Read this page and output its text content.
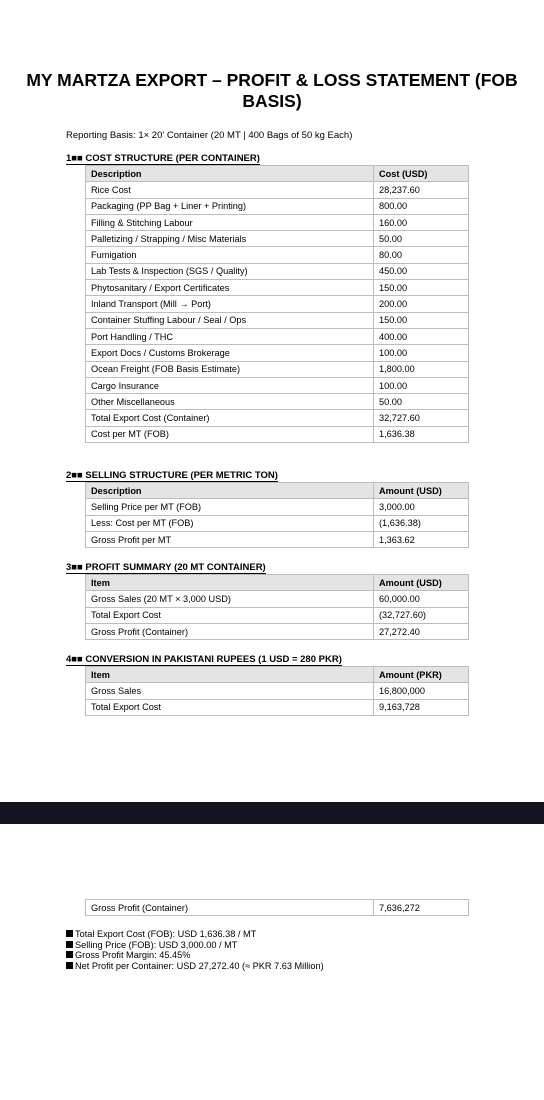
MY MARTZA EXPORT – PROFIT & LOSS STATEMENT (FOB BASIS)
Reporting Basis: 1× 20' Container (20 MT | 400 Bags of 50 kg Each)
1■■ COST STRUCTURE (PER CONTAINER)
Description	Cost (USD)
Rice Cost	28,237.60
Packaging (PP Bag + Liner + Printing)	800.00
Filling & Stitching Labour	160.00
Palletizing / Strapping / Misc Materials	50.00
Fumigation	80.00
Lab Tests & Inspection (SGS / Quality)	450.00
Phytosanitary / Export Certificates	150.00
Inland Transport (Mill → Port)	200.00
Container Stuffing Labour / Seal / Ops	150.00
Port Handling / THC	400.00
Export Docs / Customs Brokerage	100.00
Ocean Freight (FOB Basis Estimate)	1,800.00
Cargo Insurance	100.00
Other Miscellaneous	50.00
Total Export Cost (Container)	32,727.60
Cost per MT (FOB)	1,636.38
2■■ SELLING STRUCTURE (PER METRIC TON)
Description	Amount (USD)
Selling Price per MT (FOB)	3,000.00
Less: Cost per MT (FOB)	(1,636.38)
Gross Profit per MT	1,363.62
3■■ PROFIT SUMMARY (20 MT CONTAINER)
Item	Amount (USD)
Gross Sales (20 MT × 3,000 USD)	60,000.00
Total Export Cost	(32,727.60)
Gross Profit (Container)	27,272.40
4■■ CONVERSION IN PAKISTANI RUPEES (1 USD = 280 PKR)
Item	Amount (PKR)
Gross Sales	16,800,000
Total Export Cost	9,163,728
Gross Profit (Container)	7,636,272
Total Export Cost (FOB): USD 1,636.38 / MT
Selling Price (FOB): USD 3,000.00 / MT
Gross Profit Margin: 45.45%
Net Profit per Container: USD 27,272.40 (≈ PKR 7.63 Million)
